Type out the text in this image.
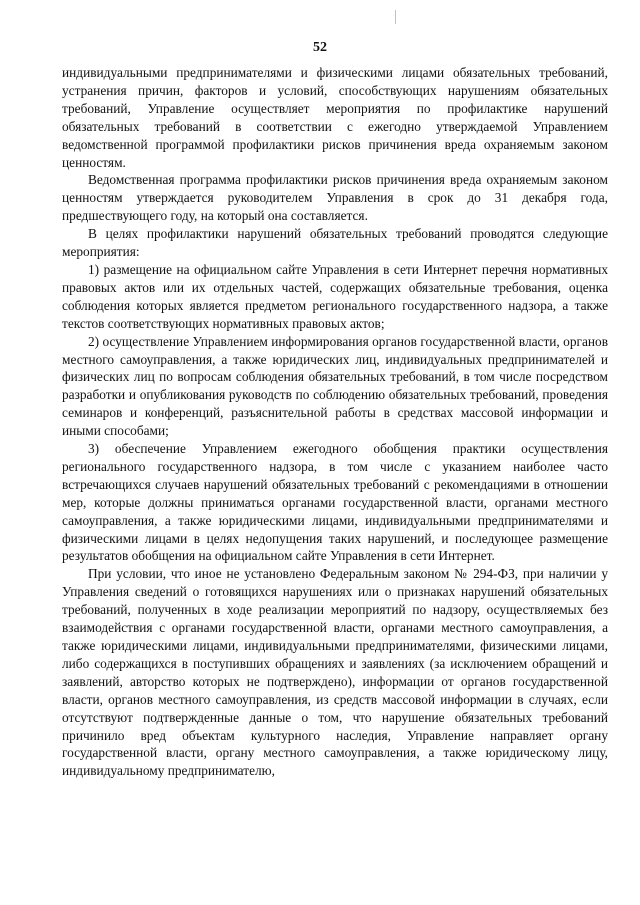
52

индивидуальными предпринимателями и физическими лицами обязательных требований, устранения причин, факторов и условий, способствующих нарушениям обязательных требований, Управление осуществляет мероприятия по профилактике нарушений обязательных требований в соответствии с ежегодно утверждаемой Управлением ведомственной программой профилактики рисков причинения вреда охраняемым законом ценностям.

Ведомственная программа профилактики рисков причинения вреда охраняемым законом ценностям утверждается руководителем Управления в срок до 31 декабря года, предшествующего году, на который она составляется.

В целях профилактики нарушений обязательных требований проводятся следующие мероприятия:

1) размещение на официальном сайте Управления в сети Интернет перечня нормативных правовых актов или их отдельных частей, содержащих обязательные требования, оценка соблюдения которых является предметом регионального государственного надзора, а также текстов соответствующих нормативных правовых актов;

2) осуществление Управлением информирования органов государственной власти, органов местного самоуправления, а также юридических лиц, индивидуальных предпринимателей и физических лиц по вопросам соблюдения обязательных требований, в том числе посредством разработки и опубликования руководств по соблюдению обязательных требований, проведения семинаров и конференций, разъяснительной работы в средствах массовой информации и иными способами;

3) обеспечение Управлением ежегодного обобщения практики осуществления регионального государственного надзора, в том числе с указанием наиболее часто встречающихся случаев нарушений обязательных требований с рекомендациями в отношении мер, которые должны приниматься органами государственной власти, органами местного самоуправления, а также юридическими лицами, индивидуальными предпринимателями и физическими лицами в целях недопущения таких нарушений, и последующее размещение результатов обобщения на официальном сайте Управления в сети Интернет.

При условии, что иное не установлено Федеральным законом № 294-ФЗ, при наличии у Управления сведений о готовящихся нарушениях или о признаках нарушений обязательных требований, полученных в ходе реализации мероприятий по надзору, осуществляемых без взаимодействия с органами государственной власти, органами местного самоуправления, а также юридическими лицами, индивидуальными предпринимателями, физическими лицами, либо содержащихся в поступивших обращениях и заявлениях (за исключением обращений и заявлений, авторство которых не подтверждено), информации от органов государственной власти, органов местного самоуправления, из средств массовой информации в случаях, если отсутствуют подтвержденные данные о том, что нарушение обязательных требований причинило вред объектам культурного наследия, Управление направляет органу государственной власти, органу местного самоуправления, а также юридическому лицу, индивидуальному предпринимателю,
